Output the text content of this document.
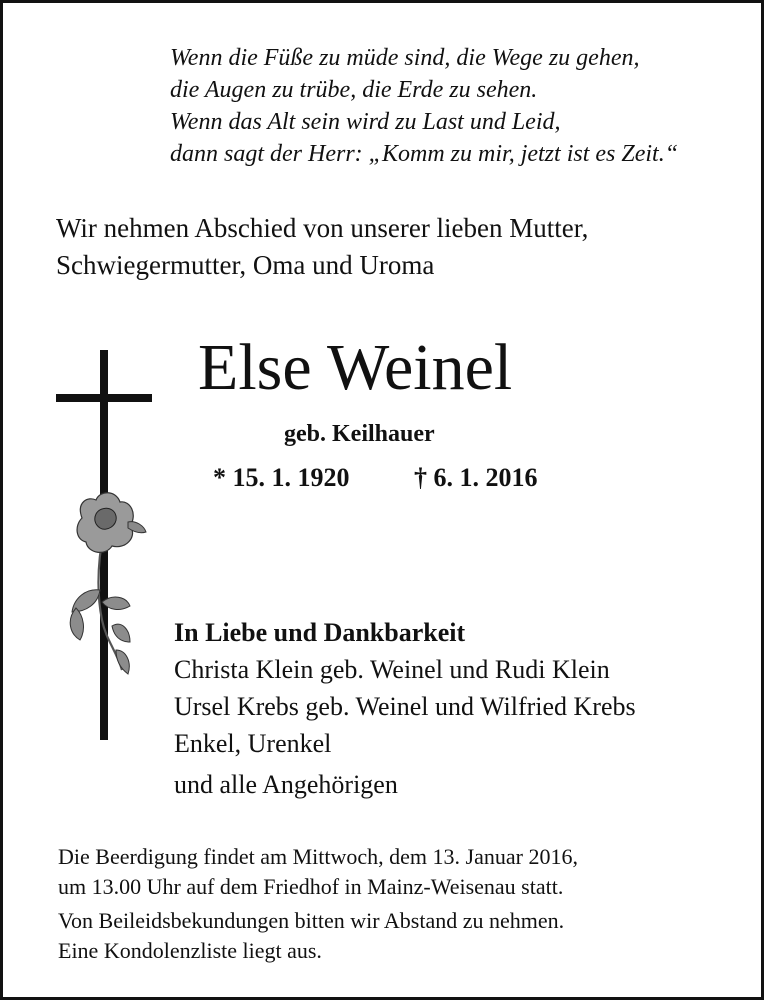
Wenn die Füße zu müde sind, die Wege zu gehen,
die Augen zu trübe, die Erde zu sehen.
Wenn das Alt sein wird zu Last und Leid,
dann sagt der Herr: „Komm zu mir, jetzt ist es Zeit.“
Wir nehmen Abschied von unserer lieben Mutter,
Schwiegermutter, Oma und Uroma
Else Weinel
geb. Keilhauer
* 15. 1. 1920 † 6. 1. 2016
In Liebe und Dankbarkeit
Christa Klein geb. Weinel und Rudi Klein
Ursel Krebs geb. Weinel und Wilfried Krebs
Enkel, Urenkel
und alle Angehörigen
Die Beerdigung findet am Mittwoch, dem 13. Januar 2016,
um 13.00 Uhr auf dem Friedhof in Mainz-Weisenau statt.
Von Beileidsbekundungen bitten wir Abstand zu nehmen.
Eine Kondolenzliste liegt aus.
